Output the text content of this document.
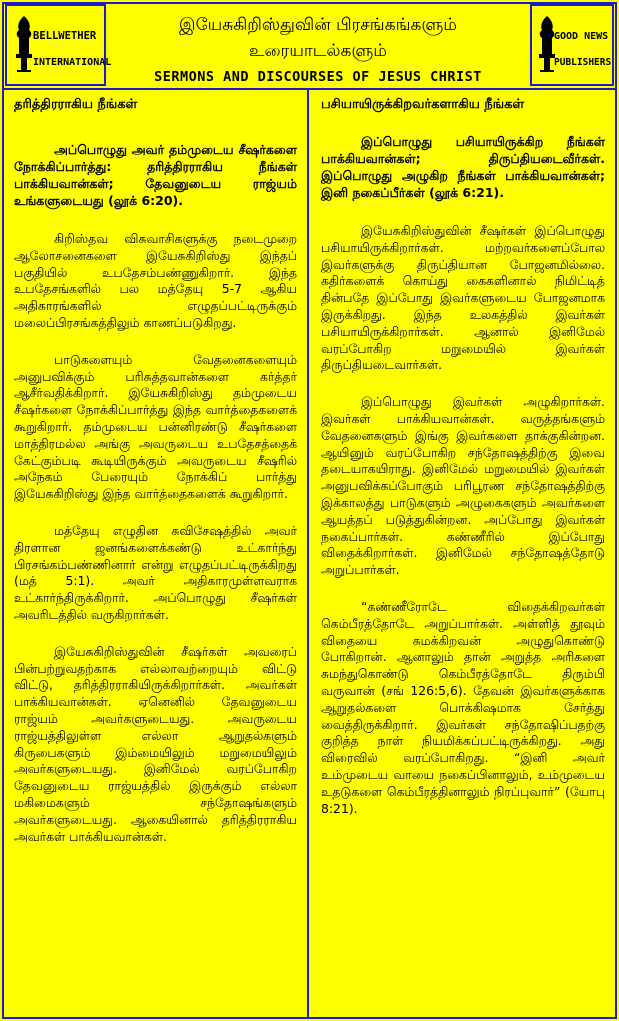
BELLWETHER
INTERNATIONAL
இயேசுகிறிஸ்துவின் பிரசங்கங்களும்
உரையாடல்களும்
SERMONS AND DISCOURSES OF JESUS CHRIST
GOOD NEWS
PUBLISHERS
தரித்திரராகிய நீங்கள்
அப்பொழுது அவர் தம்முடைய சீஷர்களை நோக்கிப்பார்த்து: தரித்திரராகிய நீங்கள் பாக்கியவான்கள்; தேவனுடைய ராஜ்யம் உங்களுடையது (லூக் 6:20).

கிறிஸ்தவ விசுவாசிகளுக்கு நடைமுறை ஆலோசனைகளை இயேசுகிறிஸ்து இந்தப் பகுதியில் உபதேசம்பண்ணுகிறார். இந்த உபதேசங்களில் பல மத்தேயு 5-7 ஆகிய அதிகாரங்களில் எழுதப்பட்டிருக்கும் மலைப்பிரசங்கத்திலும் காணப்படுகிறது.

பாடுகளையும் வேதனைகளையும் அனுபவிக்கும் பரிசுத்தவான்களை கர்த்தர் ஆசீர்வதிக்கிறார். இயேசுகிறிஸ்து தம்முடைய சீஷர்களை நோக்கிப்பார்த்து இந்த வார்த்தைகளைக் கூறுகிறார். தம்முடைய பன்னிரண்டு சீஷர்களை மாத்திரமல்ல அங்கு அவருடைய உபதேசத்தைக் கேட்கும்படி கூடியிருக்கும் அவருடைய சீஷரில் அநேகம் பேரையும் நோக்கிப் பார்த்து இயேசுகிறிஸ்து இந்த வார்த்தைகளைக் கூறுகிறார்.

மத்தேயு எழுதின சுவிசேஷத்தில் அவர் திரளான ஜனங்களைக்கண்டு உட்கார்ந்து பிரசங்கம்பண்ணினார் என்று எழுதப்பட்டிருக்கிறது (மத் 5:1). அவர் அதிகாரமுள்ளவராக உட்கார்ந்திருக்கிறார். அப்பொழுது சீஷர்கள் அவரிடத்தில் வருகிறார்கள்.

இயேசுகிறிஸ்துவின் சீஷர்கள் அவரைப் பின்பற்றுவதற்காக எல்லாவற்றையும் விட்டு விட்டு, தரித்திரராகியிருக்கிறார்கள். அவர்கள் பாக்கியவான்கள். ஏனெனில் தேவனுடைய ராஜ்யம் அவர்களுடையது. அவருடைய ராஜ்யத்திலுள்ள எல்லா ஆறுதல்களும் கிருபைகளும் இம்மையிலும் மறுமையிலும் அவர்களுடையது. இனிமேல் வரப்போகிற தேவனுடைய ராஜ்யத்தில் இருக்கும் எல்லா மகிமைகளும் சந்தோஷங்களும் அவர்களுடையது. ஆகையினால் தரித்திரராகிய அவர்கள் பாக்கியவான்கள்.

பசியாயிருக்கிறவர்களாகிய நீங்கள்
இப்பொழுது பசியாயிருக்கிற நீங்கள் பாக்கியவான்கள்; திருப்தியடைவீர்கள். இப்பொழுது அழுகிற நீங்கள் பாக்கியவான்கள்; இனி நகைப்பீர்கள் (லூக் 6:21).

இயேசுகிறிஸ்துவின் சீஷர்கள் இப்பொழுது பசியாயிருக்கிறார்கள். மற்றவர்களைப்போல இவர்களுக்கு திருப்தியான போஜனமில்லை. கதிர்களைக் கொய்து கைகளினால் நிமிட்டித் தின்பதே இப்போது இவர்களுடைய போஜனமாக இருக்கிறது. இந்த உலகத்தில் இவர்கள் பசியாயிருக்கிறார்கள். ஆனால் இனிமேல் வரப்போகிற மறுமையில் இவர்கள் திருப்தியடைவார்கள்.

இப்பொழுது இவர்கள் அழுகிறார்கள். இவர்கள் பாக்கியவான்கள். வருத்தங்களும் வேதனைகளும் இங்கு இவர்களை தாக்குகின்றன. ஆயினும் வரப்போகிற சந்தோஷத்திற்கு இவை தடையாகயிராது. இனிமேல் மறுமையில் இவர்கள் அனுபவிக்கப்போகும் பரிபூரண சந்தோஷத்திற்கு இக்காலத்து பாடுகளும் அழுகைகளும் அவர்களை ஆயத்தப் படுத்துகின்றன. அப்போது இவர்கள் நகைப்பார்கள். கண்ணீரில் இப்போது விதைக்கிறார்கள். இனிமேல் சந்தோஷத்தோடு அறுப்பார்கள்.

“கண்ணீரோடே விதைக்கிறவர்கள் கெம்பீரத்தோடே அறுப்பார்கள். அள்ளித் தூவும் விதையை சுமக்கிறவன் அழுதுகொண்டு போகிறான். ஆனாலும் தான் அறுத்த அரிகளை சுமந்துகொண்டு கெம்பீரத்தோடே திரும்பி வருவான் (சங் 126:5,6). தேவன் இவர்களுக்காக ஆறுதல்களை பொக்கிஷமாக சேர்த்து வைத்திருக்கிறார். இவர்கள் சந்தோஷிப்பதற்கு குறித்த நாள் நியமிக்கப்பட்டிருக்கிறது. அது விரைவில் வரப்போகிறது. “இனி அவர் உம்முடைய வாயை நகைப்பினாலும், உம்முடைய உதடுகளை கெம்பீரத்தினாலும் நிரப்புவார்” (யோபு 8:21).
